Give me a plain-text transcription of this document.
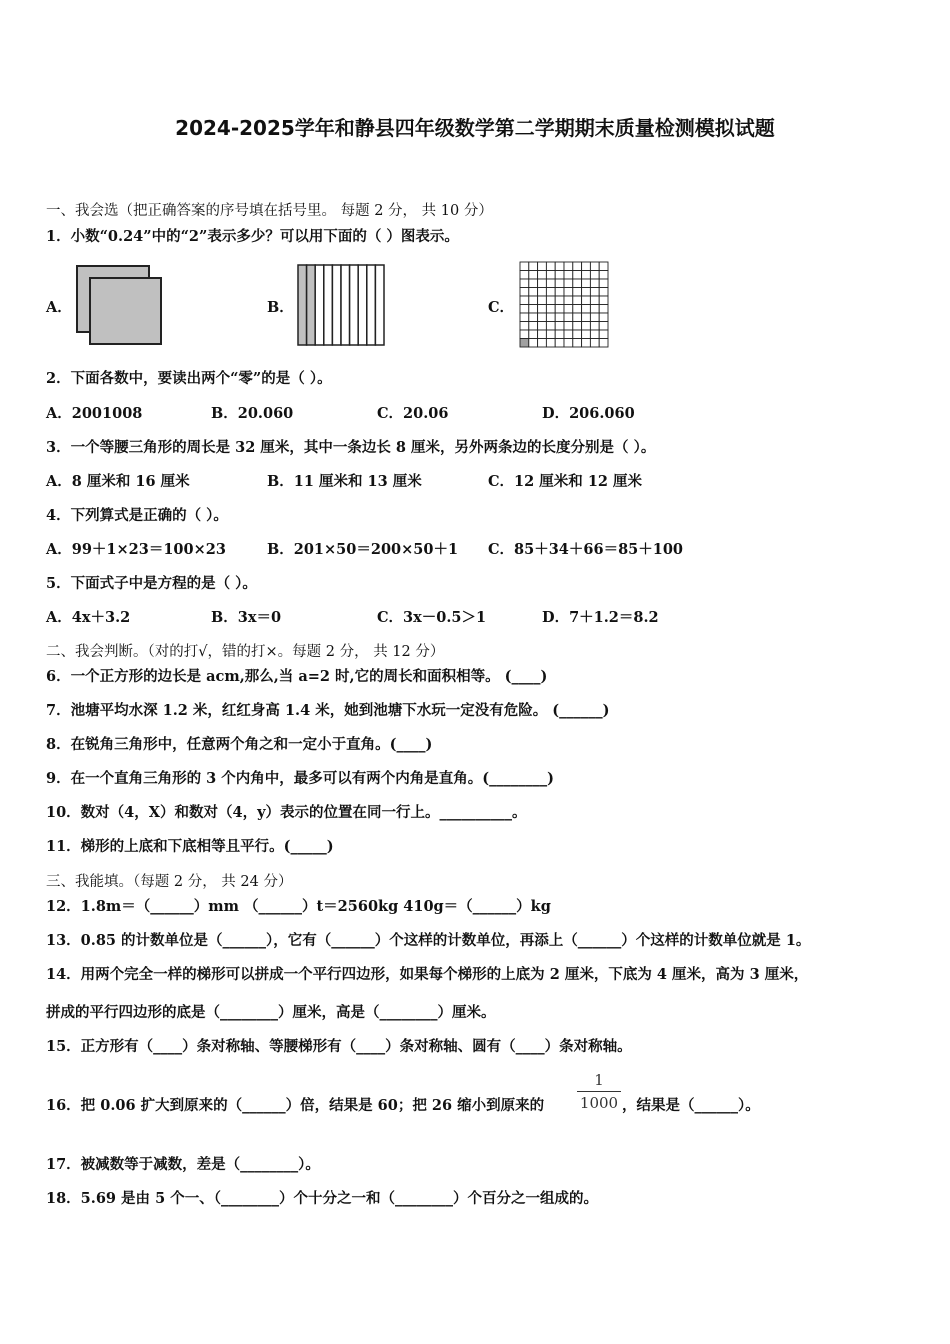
2024-2025学年和静县四年级数学第二学期期末质量检测模拟试题
一、我会选（把正确答案的序号填在括号里。 每题 2 分， 共 10 分）
1．小数“0.24”中的“2”表示多少？可以用下面的（ ）图表示。
A．	B．	C．
2．下面各数中，要读出两个“零”的是（ ）。
A．2001008	B．20.060	C．20.06	D．206.060
3．一个等腰三角形的周长是 32 厘米，其中一条边长 8 厘米，另外两条边的长度分别是（ ）。
A．8 厘米和 16 厘米	B．11 厘米和 13 厘米	C．12 厘米和 12 厘米
4．下列算式是正确的（ ）。
A．99＋1×23＝100×23	B．201×50＝200×50＋1 C．85＋34＋66＝85＋100
5．下面式子中是方程的是（ ）。
A．4x＋3.2	B．3x＝0	C．3x－0.5＞1	D．7＋1.2＝8.2
二、我会判断。（对的打√，错的打×。每题 2 分， 共 12 分）
6．一个正方形的边长是 acm,那么,当 a=2 时,它的周长和面积相等。 (____)
7．池塘平均水深 1.2 米，红红身高 1.4 米，她到池塘下水玩一定没有危险。 (______)
8．在锐角三角形中，任意两个角之和一定小于直角。(____)
9．在一个直角三角形的 3 个内角中，最多可以有两个内角是直角。(________)
10．数对（4，X）和数对（4，y）表示的位置在同一行上。__________。
11．梯形的上底和下底相等且平行。(_____)
三、我能填。（每题 2 分， 共 24 分）
12．1.8m＝（______）mm （______）t＝2560kg 410g＝（______）kg
13．0.85 的计数单位是（______），它有（______）个这样的计数单位，再添上（______）个这样的计数单位就是 1。
14．用两个完全一样的梯形可以拼成一个平行四边形，如果每个梯形的上底为 2 厘米，下底为 4 厘米，高为 3 厘米，
拼成的平行四边形的底是（________）厘米，高是（________）厘米。
15．正方形有（____）条对称轴、等腰梯形有（____）条对称轴、圆有（____）条对称轴。
16．把 0.06 扩大到原来的（______）倍，结果是 60；把 26 缩小到原来的
1
1000 ，结果是（______）。
17．被减数等于减数，差是（________）。
18．5.69 是由 5 个一、（________）个十分之一和（________）个百分之一组成的。
